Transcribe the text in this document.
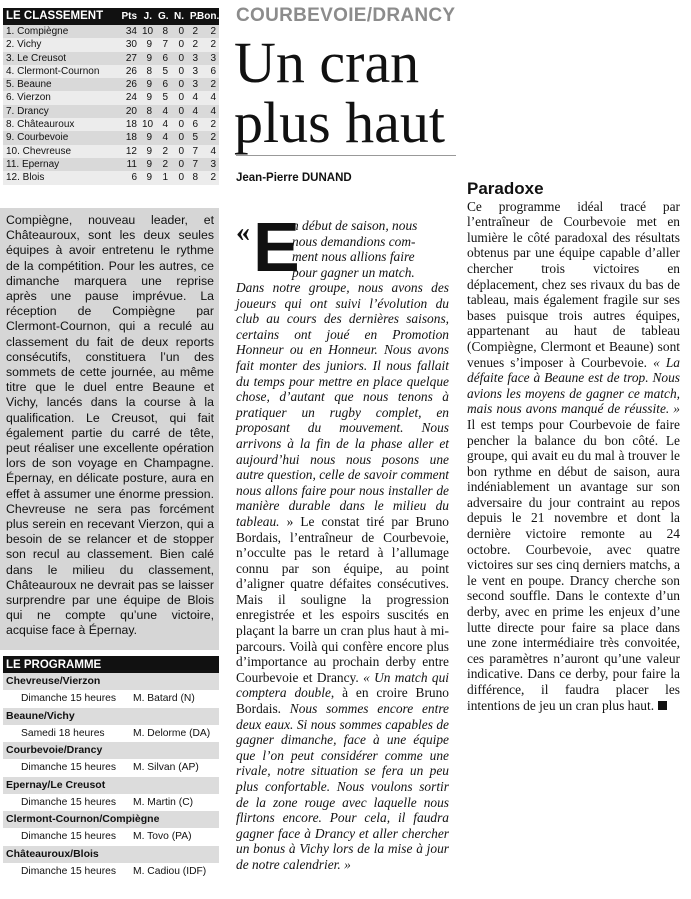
LE CLASSEMENT Pts J. G. N. P. Bon.
1. Compiègne	34 10 8	0 2	2
2. Vichy	30 9	7	0 2	2
3. Le Creusot	27 9	6	0 3	3
4. Clermont-Cournon	26 8	5	0 3	6
5. Beaune	26 9	6	0 3	2
6. Vierzon	24 9	5	0 4	4
7. Drancy	20 8	4	0 4	4
8. Châteauroux	18 10 4	0 6	2
9. Courbevoie	18 9	4	0 5	2
10. Chevreuse	12 9	2	0 7	4
11. Epernay	11 9	2	0 7	3
12. Blois	6 9	1	0 8	2
Compiègne, nouveau leader, et Châteauroux, sont les deux seules équipes à avoir entretenu le rythme de la compétition. Pour les autres, ce dimanche marquera une reprise après une pause imprévue. La réception de Compiègne par Clermont-Cournon, qui a reculé au classement du fait de deux reports consécutifs, constituera l’un des sommets de cette journée, au même titre que le duel entre Beaune et Vichy, lancés dans la course à la qualification. Le Creusot, qui fait également partie du carré de tête, peut réaliser une excellente opération lors de son voyage en Champagne. Épernay, en délicate posture, aura en effet à assumer une énorme pression. Chevreuse ne sera pas forcément plus serein en recevant Vierzon, qui a besoin de se relancer et de stopper son recul au classement. Bien calé dans le milieu du classement, Châteauroux ne devrait pas se laisser surprendre par une équipe de Blois qui ne compte qu’une victoire, acquise face à Épernay.
LE PROGRAMME
Chevreuse/Vierzon
Dimanche 15 heures M. Batard (N)
Beaune/Vichy
Samedi 18 heures	M. Delorme (DA)
Courbevoie/Drancy
Dimanche 15 heures M. Silvan (AP)
Epernay/Le Creusot
Dimanche 15 heures M. Martin (C)
Clermont-Cournon/Compiègne
Dimanche 15 heures M. Tovo (PA)
Châteauroux/Blois
Dimanche 15 heures M. Cadiou (IDF)
COURBEVOIE/DRANCY
Un cran
plus haut
Jean-Pierre DUNAND
« E
n début de saison, nous
nous demandions com-
ment nous allions faire
pour gagner un match.
Dans notre groupe, nous avons des joueurs qui ont suivi l’évolution du club au cours des dernières saisons, certains ont joué en Promotion Honneur ou en Honneur. Nous avons fait monter des juniors. Il nous fallait du temps pour mettre en place quelque chose, d’autant que nous tenons à pratiquer un rugby complet, en proposant du mouvement. Nous arrivons à la fin de la phase aller et aujourd’hui nous nous posons une autre question, celle de savoir comment nous allons faire pour nous installer de manière durable dans le milieu du tableau. » Le constat tiré par Bruno Bordais, l’entraîneur de Courbevoie, n’occulte pas le retard à l’allumage connu par son équipe, au point d’aligner quatre défaites consécutives. Mais il souligne la progression enregistrée et les espoirs suscités en plaçant la barre un cran plus haut à mi-parcours. Voilà qui confère encore plus d’importance au prochain derby entre Courbevoie et Drancy. « Un match qui comptera double, à en croire Bruno Bordais. Nous sommes encore entre deux eaux. Si nous sommes capables de gagner dimanche, face à une équipe que l’on peut considérer comme une rivale, notre situation se fera un peu plus confortable. Nous voulons sortir de la zone rouge avec laquelle nous flirtons encore. Pour cela, il faudra gagner face à Drancy et aller chercher un bonus à Vichy lors de la mise à jour de notre calendrier. »
Paradoxe
Ce programme idéal tracé par l’entraîneur de Courbevoie met en lumière le côté paradoxal des résultats obtenus par une équipe capable d’aller chercher trois victoires en déplacement, chez ses rivaux du bas de tableau, mais également fragile sur ses bases puisque trois autres équipes, appartenant au haut de tableau (Compiègne, Clermont et Beaune) sont venues s’imposer à Courbevoie. « La défaite face à Beaune est de trop. Nous avions les moyens de gagner ce match, mais nous avons manqué de réussite. » Il est temps pour Courbevoie de faire pencher la balance du bon côté. Le groupe, qui avait eu du mal à trouver le bon rythme en début de saison, aura indéniablement un avantage sur son adversaire du jour contraint au repos depuis le 21 novembre et dont la dernière victoire remonte au 24 octobre. Courbevoie, avec quatre victoires sur ses cinq derniers matchs, a le vent en poupe. Drancy cherche son second souffle. Dans le contexte d’un derby, avec en prime les enjeux d’une lutte directe pour faire sa place dans une zone intermédiaire très convoitée, ces paramètres n’auront qu’une valeur indicative. Dans ce derby, pour faire la différence, il faudra placer les intentions de jeu un cran plus haut.
